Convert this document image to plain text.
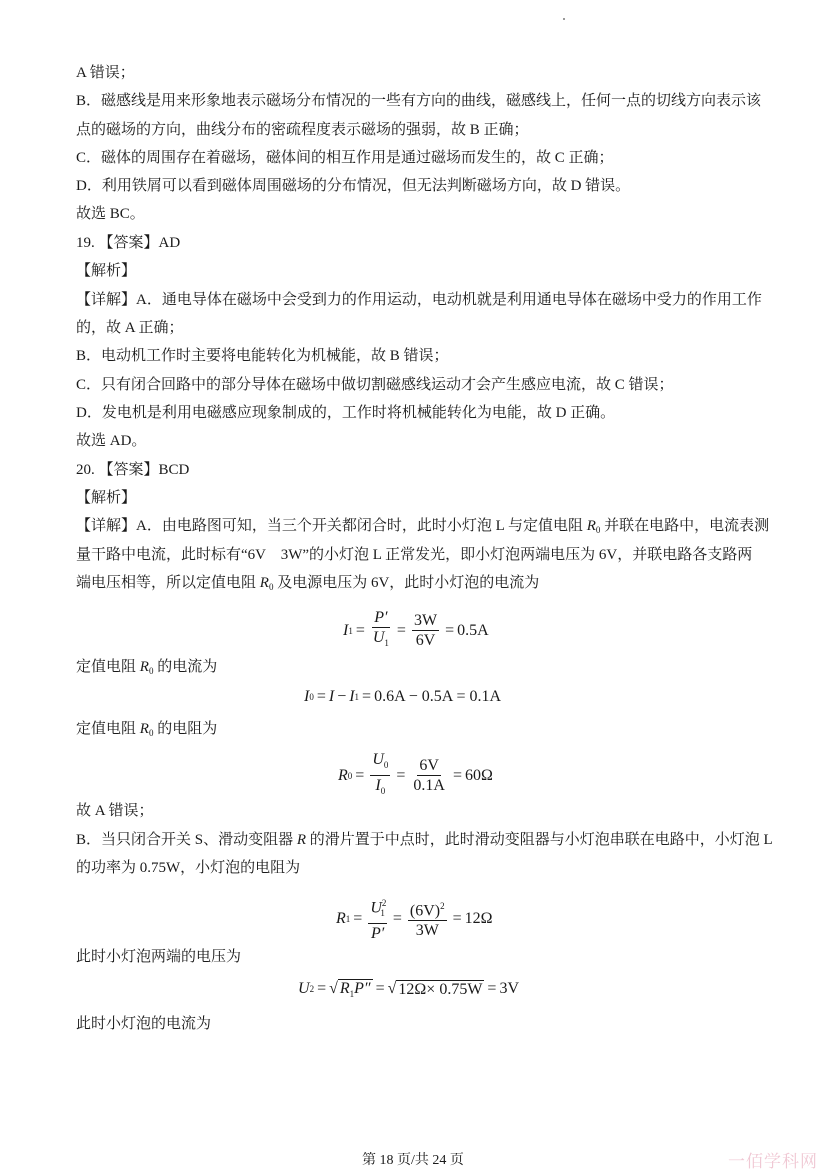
A 错误；
B．磁感线是用来形象地表示磁场分布情况的一些有方向的曲线，磁感线上，任何一点的切线方向表示该
点的磁场的方向，曲线分布的密疏程度表示磁场的强弱，故 B 正确；
C．磁体的周围存在着磁场，磁体间的相互作用是通过磁场而发生的，故 C 正确；
D．利用铁屑可以看到磁体周围磁场的分布情况，但无法判断磁场方向，故 D 错误。
故选 BC。
19. 【答案】AD
【解析】
【详解】A．通电导体在磁场中会受到力的作用运动，电动机就是利用通电导体在磁场中受力的作用工作
的，故 A 正确；
B．电动机工作时主要将电能转化为机械能，故 B 错误；
C．只有闭合回路中的部分导体在磁场中做切割磁感线运动才会产生感应电流，故 C 错误；
D．发电机是利用电磁感应现象制成的，工作时将机械能转化为电能，故 D 正确。
故选 AD。
20. 【答案】BCD
【解析】
【详解】A．由电路图可知，当三个开关都闭合时，此时小灯泡 L 与定值电阻 $R_0$ 并联在电路中，电流表测
量干路中电流，此时标有“6V　3W”的小灯泡 L 正常发光，即小灯泡两端电压为 6V，并联电路各支路两
端电压相等，所以定值电阻 $R_0$ 及电源电压为 6V，此时小灯泡的电流为
定值电阻 $R_0$ 的电流为
定值电阻 $R_0$ 的电阻为
故 A 错误；
B．当只闭合开关 S、滑动变阻器 R 的滑片置于中点时，此时滑动变阻器与小灯泡串联在电路中，小灯泡 L
的功率为 0.75W，小灯泡的电阻为
此时小灯泡两端的电压为
此时小灯泡的电流为
I $1 = \frac{P'}{U_1} = \frac{3W}{6V} = 0.5A$
I 0 = I − I 1 = 0.6A − 0.5A = 0.1A
R $0 = \frac{U_0}{I_0} = \frac{6V}{0.1A} = 60\Omega$
R $1 = \frac{U^2_1}{P'} = \frac{(6V)^2}{3W} = 12\Omega$
U 2 = √ $R_1P''$ = √ 12Ω× 0.75W = 3V
第 18 页/共 24 页	一佰学科网
